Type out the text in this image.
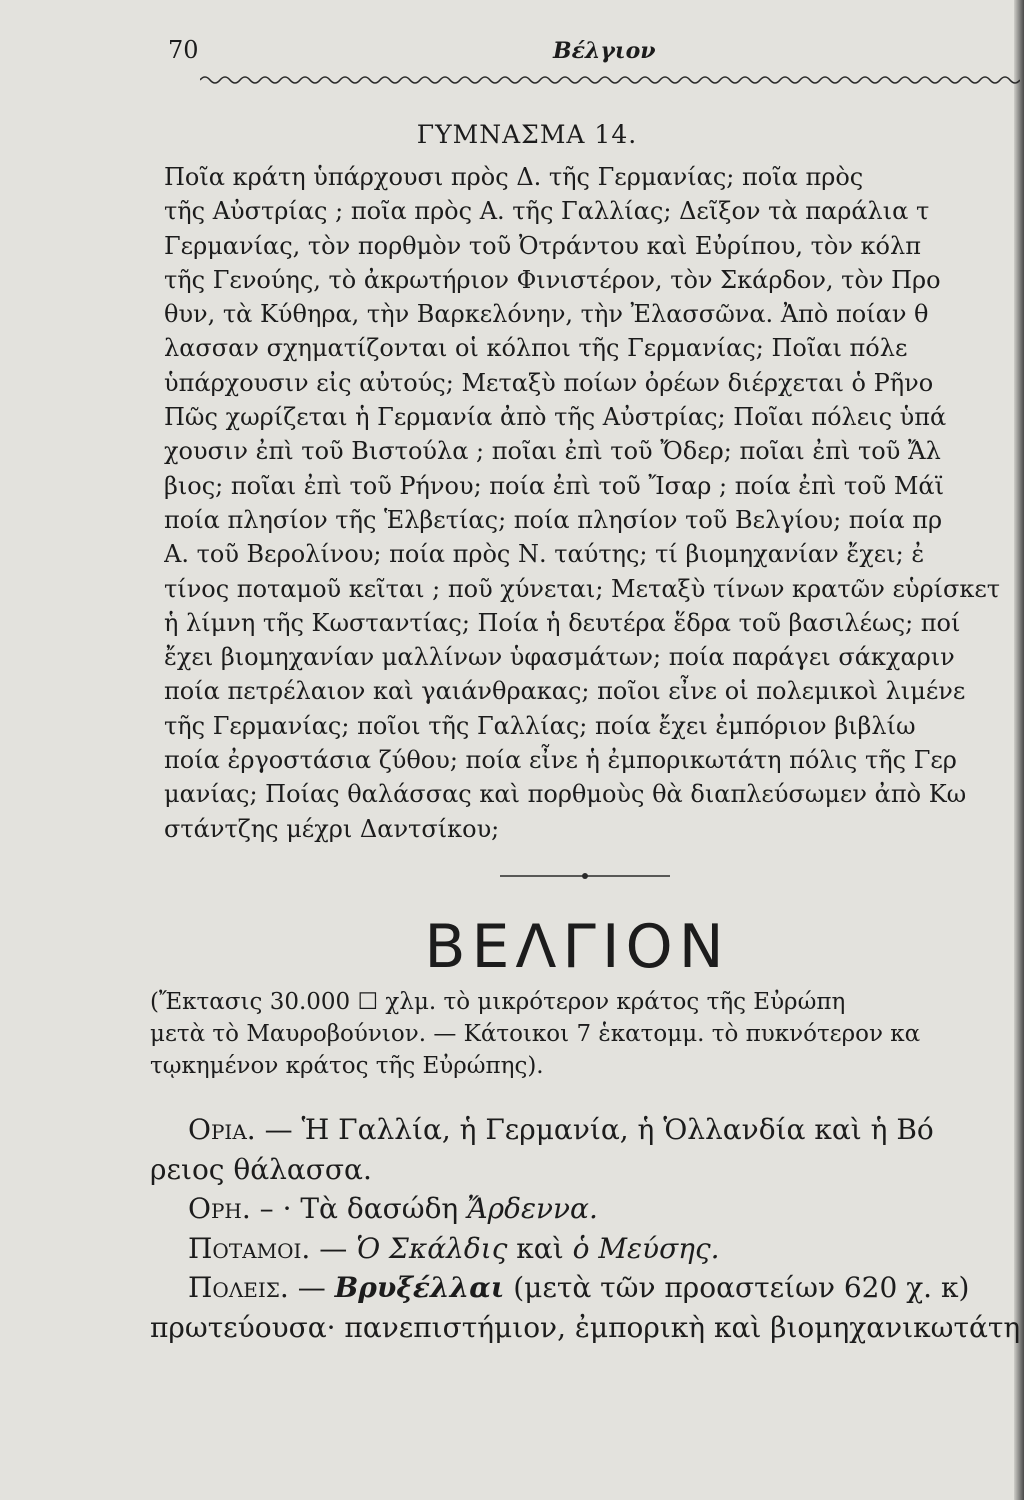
70	Βέλγιον
ΓΥΜΝΑΣΜΑ 14.
Ποῖα κράτη ὑπάρχουσι πρὸς Δ. τῆς Γερμανίας; ποῖα πρὸς
τῆς Αὐστρίας ; ποῖα πρὸς Α. τῆς Γαλλίας; Δεῖξον τὰ παράλια τ
Γερμανίας, τὸν πορθμὸν τοῦ Ὀτράντου καὶ Εὐρίπου, τὸν κόλπ
τῆς Γενούης, τὸ ἀκρωτήριον Φινιστέρον, τὸν Σκάρδον, τὸν Προ
θυν, τὰ Κύθηρα, τὴν Βαρκελόνην, τὴν Ἐλασσῶνα. Ἀπὸ ποίαν θ
λασσαν σχηματίζονται οἱ κόλποι τῆς Γερμανίας; Ποῖαι πόλε
ὑπάρχουσιν εἰς αὐτούς; Μεταξὺ ποίων ὀρέων διέρχεται ὁ Ρῆνο
Πῶς χωρίζεται ἡ Γερμανία ἀπὸ τῆς Αὐστρίας; Ποῖαι πόλεις ὑπά
χουσιν ἐπὶ τοῦ Βιστούλα ; ποῖαι ἐπὶ τοῦ Ὄδερ; ποῖαι ἐπὶ τοῦ Ἄλ
βιος; ποῖαι ἐπὶ τοῦ Ρήνου; ποία ἐπὶ τοῦ Ἴσαρ ; ποία ἐπὶ τοῦ Μάϊ
ποία πλησίον τῆς Ἑλβετίας; ποία πλησίον τοῦ Βελγίου; ποία πρ
Α. τοῦ Βερολίνου; ποία πρὸς Ν. ταύτης; τί βιομηχανίαν ἔχει; ἐ
τίνος ποταμοῦ κεῖται ; ποῦ χύνεται; Μεταξὺ τίνων κρατῶν εὑρίσκετ
ἡ λίμνη τῆς Κωσταντίας; Ποία ἡ δευτέρα ἕδρα τοῦ βασιλέως; ποί
ἔχει βιομηχανίαν μαλλίνων ὑφασμάτων; ποία παράγει σάκχαριν
ποία πετρέλαιον καὶ γαιάνθρακας; ποῖοι εἶνε οἱ πολεμικοὶ λιμένε
τῆς Γερμανίας; ποῖοι τῆς Γαλλίας; ποία ἔχει ἐμπόριον βιβλίω
ποία ἐργοστάσια ζύθου; ποία εἶνε ἡ ἐμπορικωτάτη πόλις τῆς Γερ
μανίας; Ποίας θαλάσσας καὶ πορθμοὺς θὰ διαπλεύσωμεν ἀπὸ Κω
στάντζης μέχρι Δαντσίκου;
ΒΕΛΓΙΟΝ
(Ἔκτασις 30.000 ☐ χλμ. τὸ μικρότερον κράτος τῆς Εὐρώπη
μετὰ τὸ Μαυροβούνιον. — Κάτοικοι 7 ἑκατομμ. τὸ πυκνότερον κα
τῳκημένον κράτος τῆς Εὐρώπης).
Ορια. — Ἡ Γαλλία, ἡ Γερμανία, ἡ Ὁλλανδία καὶ ἡ Βό
ρειος θάλασσα.
Ορη. – · Τὰ δασώδη Ἄρδεννα.
Ποταμοι. — Ὁ Σκάλδις καὶ ὁ Μεύσης.
Πολεις. — Βρυξέλλαι (μετὰ τῶν προαστείων 620 χ. κ)
πρωτεύουσα· πανεπιστήμιον, ἐμπορικὴ καὶ βιομηχανικωτάτη
